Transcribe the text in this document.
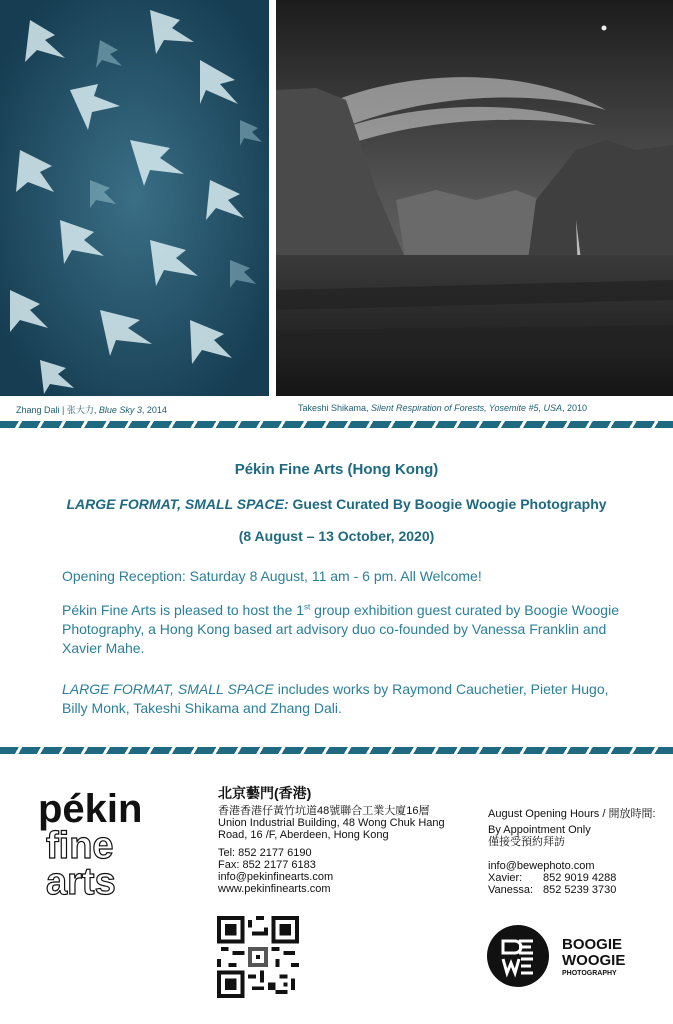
Zhang Dali | 张大力, Blue Sky 3, 2014	Takeshi Shikama, Silent Respiration of Forests, Yosemite #5, USA, 2010
Pékin Fine Arts (Hong Kong)
LARGE FORMAT, SMALL SPACE: Guest Curated By Boogie Woogie Photography
(8 August – 13 October, 2020)

Opening Reception: Saturday 8 August, 11 am - 6 pm. All Welcome!

Pékin Fine Arts is pleased to host the 1st group exhibition guest curated by Boogie Woogie Photography, a Hong Kong based art advisory duo co-founded by Vanessa Franklin and Xavier Mahe.

LARGE FORMAT, SMALL SPACE includes works by Raymond Cauchetier, Pieter Hugo, Billy Monk, Takeshi Shikama and Zhang Dali.

pékin
fine
arts
北京藝門(香港)
香港香港仔黃竹坑道48號聯合工業大廈16層
Union Industrial Building, 48 Wong Chuk Hang
Road, 16 /F, Aberdeen, Hong Kong
Tel: 852 2177 6190
Fax: 852 2177 6183
info@pekinfinearts.com
www.pekinfinearts.com
August Opening Hours / 開放時間:
By Appointment Only
僅接受預約拜訪
info@bewephoto.com
Xavier:	852 9019 4288
Vanessa: 852 5239 3730
BOOGIE
WOOGIE
PHOTOGRAPHY
